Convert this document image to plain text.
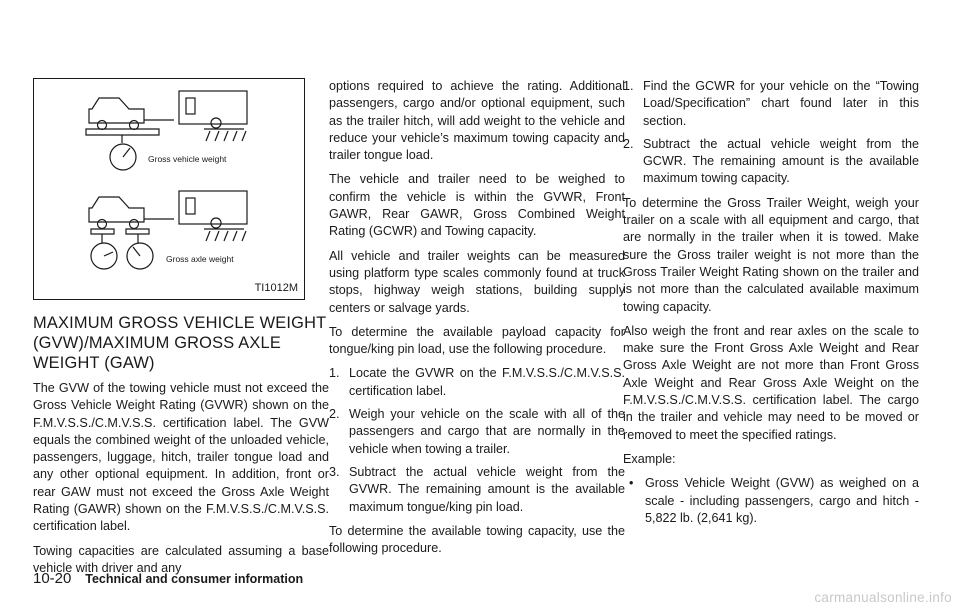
Gross vehicle weight
Gross axle weight
TI1012M
MAXIMUM GROSS VEHICLE WEIGHT (GVW)/MAXIMUM GROSS AXLE WEIGHT (GAW)

The GVW of the towing vehicle must not exceed the Gross Vehicle Weight Rating (GVWR) shown on the F.M.V.S.S./C.M.V.S.S. certification label. The GVW equals the combined weight of the unloaded vehicle, passengers, luggage, hitch, trailer tongue load and any other optional equipment. In addition, front or rear GAW must not exceed the Gross Axle Weight Rating (GAWR) shown on the F.M.V.S.S./C.M.V.S.S. certification label.

Towing capacities are calculated assuming a base vehicle with driver and any

options required to achieve the rating. Additional passengers, cargo and/or optional equipment, such as the trailer hitch, will add weight to the vehicle and reduce your vehicle’s maximum towing capacity and trailer tongue load.

The vehicle and trailer need to be weighed to confirm the vehicle is within the GVWR, Front GAWR, Rear GAWR, Gross Combined Weight Rating (GCWR) and Towing capacity.

All vehicle and trailer weights can be measured using platform type scales commonly found at truck stops, highway weigh stations, building supply centers or salvage yards.

To determine the available payload capacity for tongue/king pin load, use the following procedure.

1. Locate the GVWR on the F.M.V.S.S./C.M.V.S.S. certification label.
2. Weigh your vehicle on the scale with all of the passengers and cargo that are normally in the vehicle when towing a trailer.
3. Subtract the actual vehicle weight from the GVWR. The remaining amount is the available maximum tongue/king pin load.

To determine the available towing capacity, use the following procedure.

1. Find the GCWR for your vehicle on the “Towing Load/Specification” chart found later in this section.
2. Subtract the actual vehicle weight from the GCWR. The remaining amount is the available maximum towing capacity.

To determine the Gross Trailer Weight, weigh your trailer on a scale with all equipment and cargo, that are normally in the trailer when it is towed. Make sure the Gross trailer weight is not more than the Gross Trailer Weight Rating shown on the trailer and is not more than the calculated available maximum towing capacity.

Also weigh the front and rear axles on the scale to make sure the Front Gross Axle Weight and Rear Gross Axle Weight are not more than Front Gross Axle Weight and Rear Gross Axle Weight on the F.M.V.S.S./C.M.V.S.S. certification label. The cargo in the trailer and vehicle may need to be moved or removed to meet the specified ratings.

Example:

• Gross Vehicle Weight (GVW) as weighed on a scale - including passengers, cargo and hitch - 5,822 lb. (2,641 kg).
10-20 Technical and consumer information
carmanualsonline.info
